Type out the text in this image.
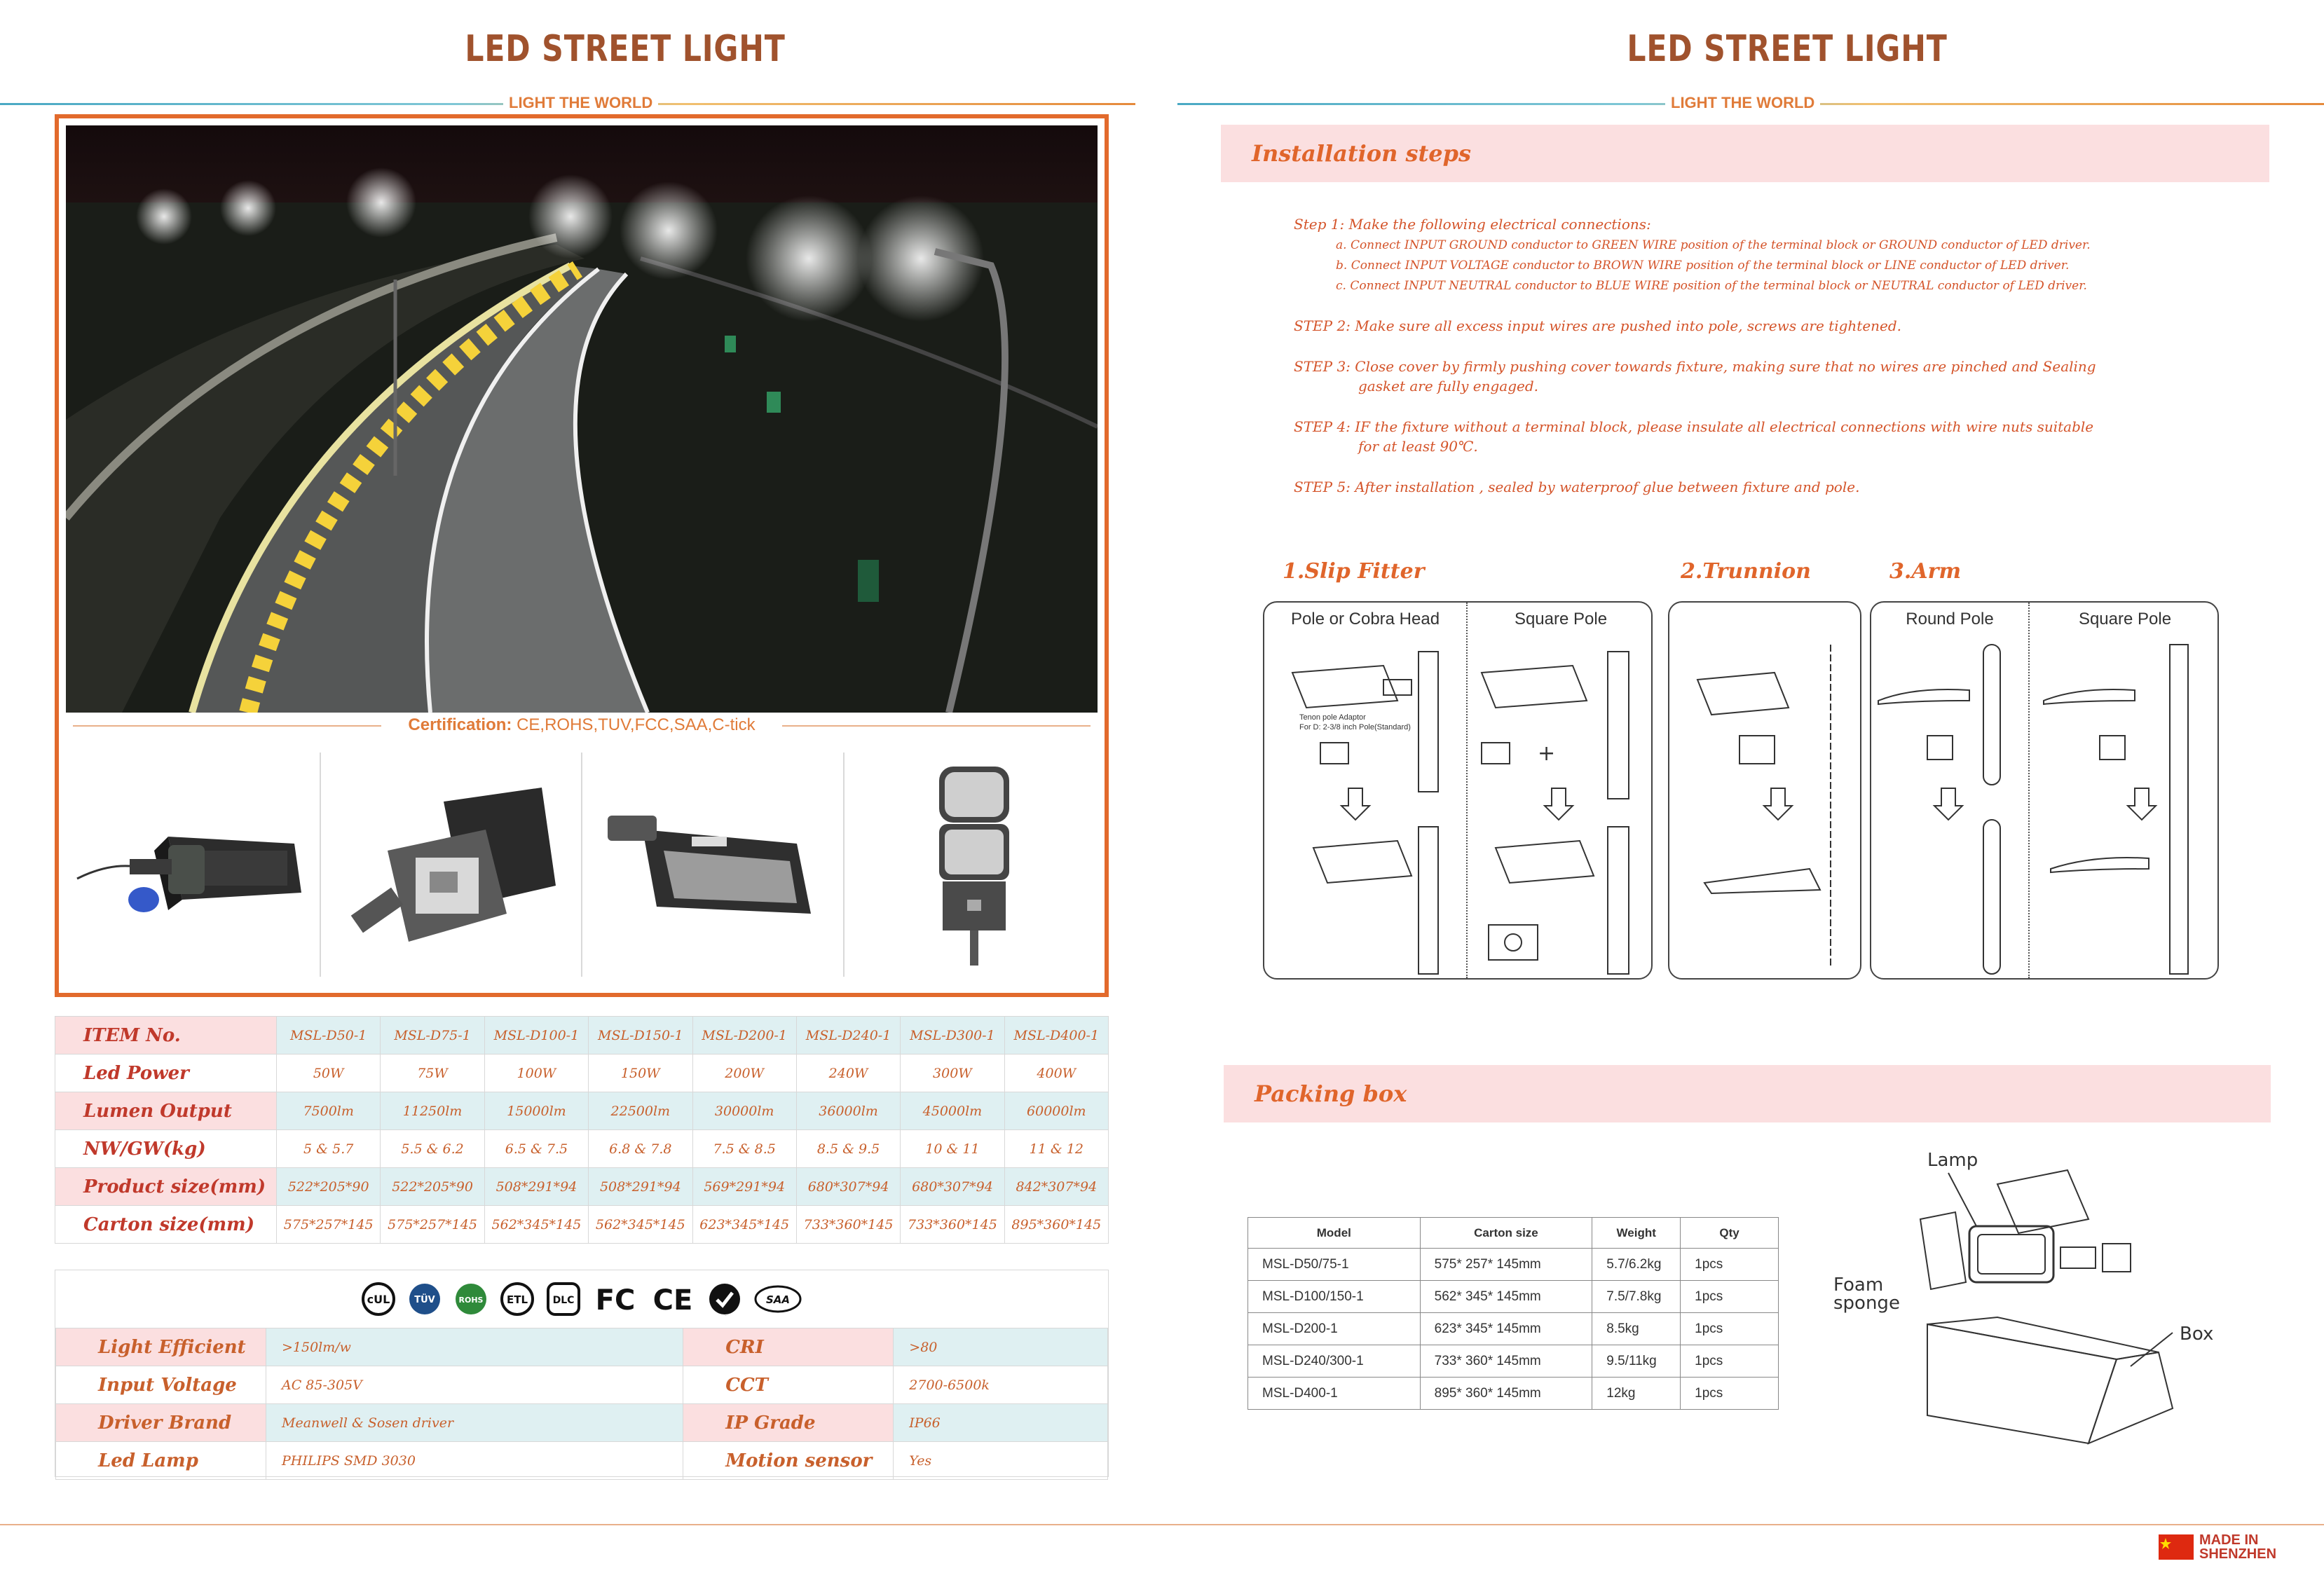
LED STREET LIGHT
LIGHT THE WORLD
Certification: CE,ROHS,TUV,FCC,SAA,C-tick
ITEM No.	MSL-D50-1	MSL-D75-1	MSL-D100-1	MSL-D150-1	MSL-D200-1	MSL-D240-1	MSL-D300-1	MSL-D400-1
Led Power	50W	75W	100W	150W	200W	240W	300W	400W
Lumen Output	7500lm	11250lm	15000lm	22500lm	30000lm	36000lm	45000lm	60000lm
NW/GW(kg)	5 & 5.7	5.5 & 6.2	6.5 & 7.5	6.8 & 7.8	7.5 & 8.5	8.5 & 9.5	10 & 11	11 & 12
Product size(mm)	522*205*90	522*205*90	508*291*94	508*291*94	569*291*94	680*307*94	680*307*94	842*307*94
Carton size(mm)	575*257*145	575*257*145	562*345*145	562*345*145	623*345*145	733*360*145	733*360*145	895*360*145
cUL	TÜV	ROHS ETL	DLC FC CE	C-tick
SAA
Light Efficient	>150lm/w	CRI	>80
Input Voltage	AC 85-305V	CCT	2700-6500k
Driver Brand	Meanwell & Sosen driver	IP Grade	IP66
Led Lamp	PHILIPS SMD 3030	Motion sensor	Yes
LED STREET LIGHT
LIGHT THE WORLD
Installation steps

Step 1: Make the following electrical connections:
a. Connect INPUT GROUND conductor to GREEN WIRE position of the terminal block or GROUND conductor of LED driver.
b. Connect INPUT VOLTAGE conductor to BROWN WIRE position of the terminal block or LINE conductor of LED driver.
c. Connect INPUT NEUTRAL conductor to BLUE WIRE position of the terminal block or NEUTRAL conductor of LED driver.

STEP 2: Make sure all excess input wires are pushed into pole, screws are tightened.

STEP 3: Close cover by firmly pushing cover towards fixture, making sure that no wires are pinched and Sealing
gasket are fully engaged.

STEP 4: IF the fixture without a terminal block, please insulate all electrical connections with wire nuts suitable
for at least 90℃.

STEP 5: After installation , sealed by waterproof glue between fixture and pole.

1.Slip Fitter	2.Trunnion	3.Arm
Pole or Cobra Head
Tenon pole Adaptor
For D: 2-3/8 inch Pole(Standard)
Square Pole
+
Round Pole	Square Pole
Packing box
Model	Carton size	Weight	Qty
MSL-D50/75-1	575* 257* 145mm	5.7/6.2kg	1pcs
MSL-D100/150-1	562* 345* 145mm	7.5/7.8kg	1pcs
MSL-D200-1	623* 345* 145mm	8.5kg	1pcs
MSL-D240/300-1	733* 360* 145mm	9.5/11kg	1pcs
MSL-D400-1	895* 360* 145mm	12kg	1pcs
Lamp
Foam
sponge
Box
MADE IN
SHENZHEN
